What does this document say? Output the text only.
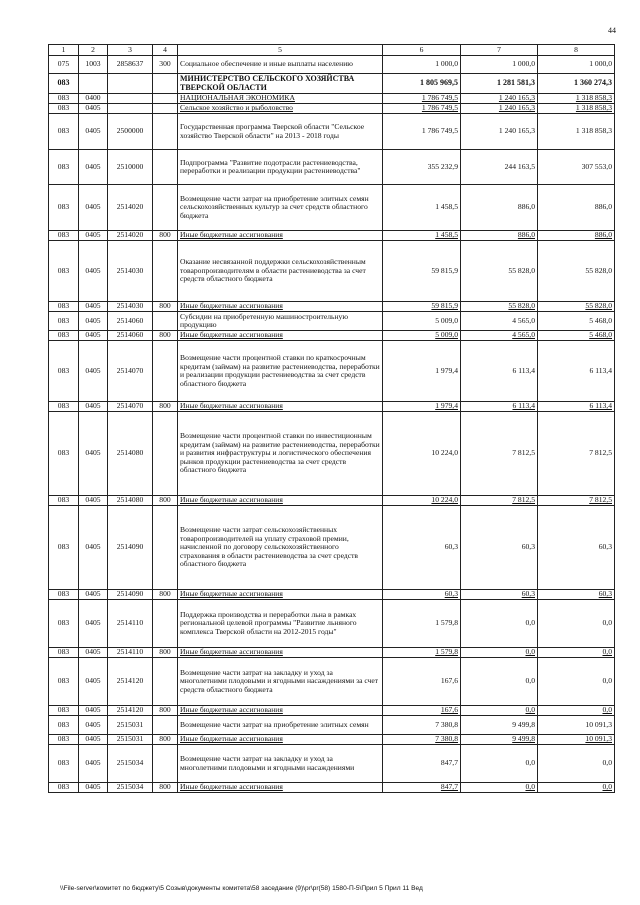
44
1	2	3	4	5	6	7	8
075	1003	2858637	300	Социальное обеспечение и иные выплаты населению	1 000,0	1 000,0	1 000,0
083				МИНИСТЕРСТВО СЕЛЬСКОГО ХОЗЯЙСТВА ТВЕРСКОЙ ОБЛАСТИ	1 805 969,5	1 281 581,3	1 360 274,3
083	0400			НАЦИОНАЛЬНАЯ ЭКОНОМИКА	1 786 749,5	1 240 165,3	1 318 858,3
083	0405			Сельское хозяйство и рыболовство	1 786 749,5	1 240 165,3	1 318 858,3
083	0405	2500000		Государственная программа Тверской области "Сельское хозяйство Тверской области" на 2013 - 2018 годы	1 786 749,5	1 240 165,3	1 318 858,3
083	0405	2510000		Подпрограмма "Развитие подотрасли растениеводства, переработки и реализации продукции растениеводства"	355 232,9	244 163,5	307 553,0
083	0405	2514020		Возмещение части затрат на приобретение элитных семян сельскохозяйственных культур за счет средств областного бюджета	1 458,5	886,0	886,0
083	0405	2514020	800	Иные бюджетные ассигнования	1 458,5	886,0	886,0
083	0405	2514030		Оказание несвязанной поддержки сельскохозяйственным товаропроизводителям в области растениеводства за счет средств областного бюджета	59 815,9	55 828,0	55 828,0
083	0405	2514030	800	Иные бюджетные ассигнования	59 815,9	55 828,0	55 828,0
083	0405	2514060		Субсидии на приобретенную машиностроительную продукцию	5 009,0	4 565,0	5 468,0
083	0405	2514060	800	Иные бюджетные ассигнования	5 009,0	4 565,0	5 468,0
083	0405	2514070		Возмещение части процентной ставки по краткосрочным кредитам (займам) на развитие растениеводства, переработки и реализации продукции растениеводства за счет средств областного бюджета	1 979,4	6 113,4	6 113,4
083	0405	2514070	800	Иные бюджетные ассигнования	1 979,4	6 113,4	6 113,4
083	0405	2514080		Возмещение части процентной ставки по инвестиционным кредитам (займам) на развитие растениеводства, переработки и развития инфраструктуры и логистического обеспечения рынков продукции растениеводства за счет средств областного бюджета	10 224,0	7 812,5	7 812,5
083	0405	2514080	800	Иные бюджетные ассигнования	10 224,0	7 812,5	7 812,5
083	0405	2514090		Возмещение части затрат сельскохозяйственных товаропроизводителей на уплату страховой премии, начисленной по договору сельскохозяйственного страхования в области растениеводства за счет средств областного бюджета	60,3	60,3	60,3
083	0405	2514090	800	Иные бюджетные ассигнования	60,3	60,3	60,3
083	0405	2514110		Поддержка производства и переработки льна в рамках региональной целевой программы "Развитие льняного комплекса Тверской области на 2012-2015 годы"	1 579,8	0,0	0,0
083	0405	2514110	800	Иные бюджетные ассигнования	1 579,8	0,0	0,0
083	0405	2514120		Возмещение части затрат на закладку и уход за многолетними плодовыми и ягодными насаждениями за счет средств областного бюджета	167,6	0,0	0,0
083	0405	2514120	800	Иные бюджетные ассигнования	167,6	0,0	0,0
083	0405	2515031		Возмещение части затрат на приобретение элитных семян	7 380,8	9 499,8	10 091,3
083	0405	2515031	800	Иные бюджетные ассигнования	7 380,8	9 499,8	10 091,3
083	0405	2515034		Возмещение части затрат на закладку и уход за многолетними плодовыми и ягодными насаждениями	847,7	0,0	0,0
083	0405	2515034	800	Иные бюджетные ассигнования	847,7	0,0	0,0
\\File-server\комитет по бюджету\5 Созыв\документы комитета\58 заседание (9)\pr\pr(58) 1580-П-5\Прил 5 Прил 11 Вед
